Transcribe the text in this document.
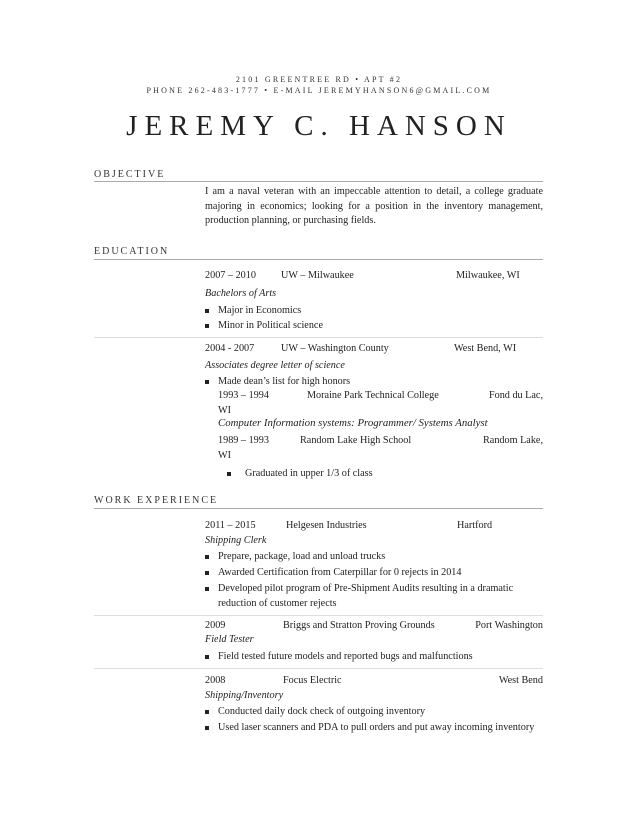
2101 GREENTREE RD • APT #2
PHONE 262-483-1777 • E-MAIL JEREMYHANSON6@GMAIL.COM
JEREMY C. HANSON
OBJECTIVE
I am a naval veteran with an impeccable attention to detail, a college graduate majoring in economics; looking for a position in the inventory management, production planning, or purchasing fields.
EDUCATION
2007 – 2010 UW – Milwaukee	Milwaukee, WI
Bachelors of Arts
Major in Economics
Minor in Political science
2004 - 2007	UW – Washington County	West Bend, WI
Associates degree letter of science
Made dean’s list for high honors
1993 – 1994	Moraine Park Technical College	Fond du Lac,
WI
Computer Information systems: Programmer/ Systems Analyst
1989 – 1993	Random Lake High School	Random Lake,
WI
Graduated in upper 1/3 of class
WORK EXPERIENCE
2011 – 2015	Helgesen Industries	Hartford
Shipping Clerk
Prepare, package, load and unload trucks
Awarded Certification from Caterpillar for 0 rejects in 2014
Developed pilot program of Pre-Shipment Audits resulting in a dramatic reduction of customer rejects
2009	Briggs and Stratton Proving Grounds	Port Washington
Field Tester
Field tested future models and reported bugs and malfunctions
2008	Focus Electric	West Bend
Shipping/Inventory
Conducted daily dock check of outgoing inventory
Used laser scanners and PDA to pull orders and put away incoming inventory
